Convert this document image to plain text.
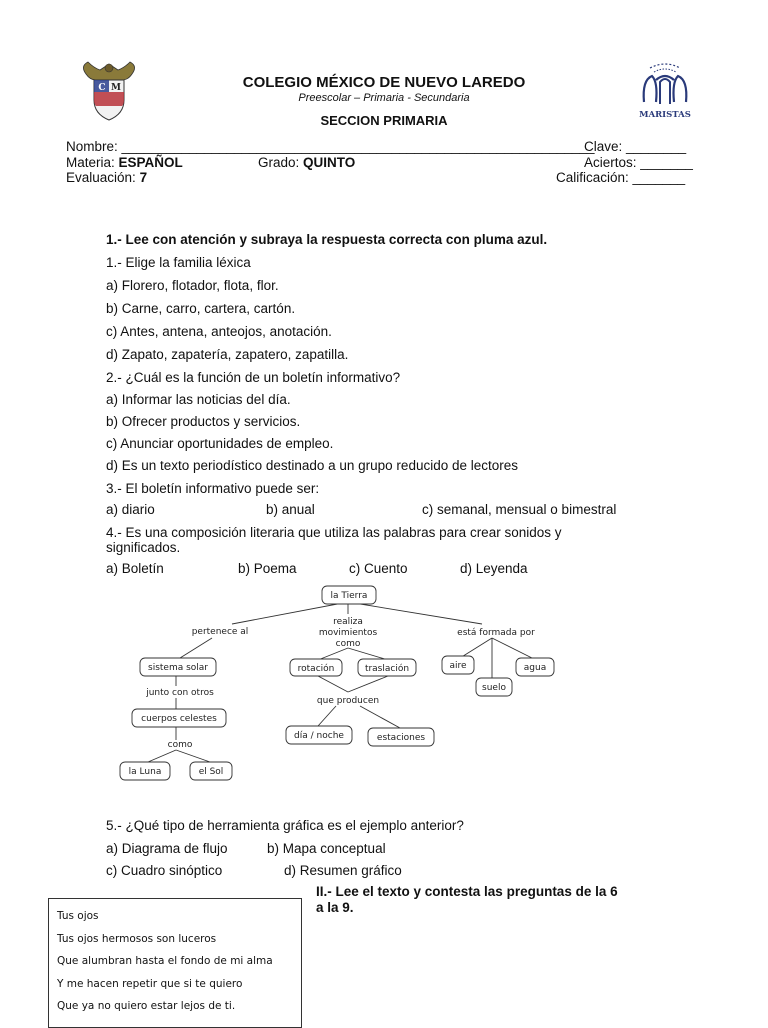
C M
MARISTAS
COLEGIO MÉXICO DE NUEVO LAREDO
Preescolar – Primaria - Secundaria
SECCION PRIMARIA
Nombre: _______________________________________________________________
Clave: ________
Materia: ESPAÑOL	Grado: QUINTO	Aciertos: _______
Evaluación: 7	Calificación: _______
1.- Lee con atención y subraya la respuesta correcta con pluma azul.
1.- Elige la familia léxica
a) Florero, flotador, flota, flor.
b) Carne, carro, cartera, cartón.
c) Antes, antena, anteojos, anotación.
d) Zapato, zapatería, zapatero, zapatilla.
2.- ¿Cuál es la función de un boletín informativo?
a) Informar las noticias del día.
b) Ofrecer productos y servicios.
c) Anunciar oportunidades de empleo.
d) Es un texto periodístico destinado a un grupo reducido de lectores
3.- El boletín informativo puede ser:
a) diario	b) anual	c) semanal, mensual o bimestral
4.- Es una composición literaria que utiliza las palabras para crear sonidos y
significados.
a) Boletín	b) Poema	c) Cuento	d) Leyenda
la Tierra
pertenece al
realiza
movimientos
como
está formada por
sistema solar
junto con otros
cuerpos celestes
como
la Luna	el Sol
rotación	traslación
que producen
día / noche	estaciones
aire	agua
suelo
5.- ¿Qué tipo de herramienta gráfica es el ejemplo anterior?
a) Diagrama de flujo	b) Mapa conceptual
c) Cuadro sinóptico	d) Resumen gráfico
II.- Lee el texto y contesta las preguntas de la 6
a la 9.
Tus ojos
Tus ojos hermosos son luceros
Que alumbran hasta el fondo de mi alma
Y me hacen repetir que si te quiero
Que ya no quiero estar lejos de ti.
